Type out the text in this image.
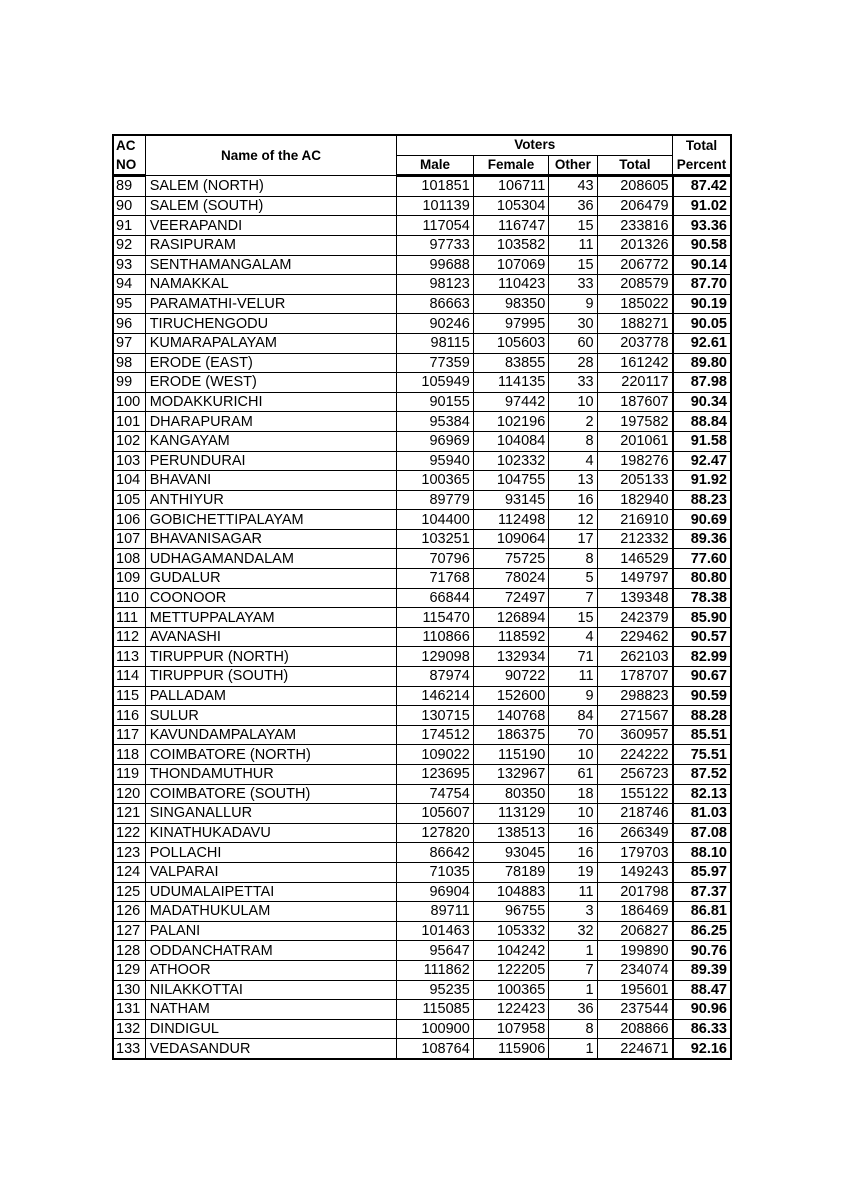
AC	Name of the AC	Voters				Total
NO		Male	Female	Other	Total	Percent
89	SALEM (NORTH)	101851	106711	43	208605	87.42
90	SALEM (SOUTH)	101139	105304	36	206479	91.02
91	VEERAPANDI	117054	116747	15	233816	93.36
92	RASIPURAM	97733	103582	11	201326	90.58
93	SENTHAMANGALAM	99688	107069	15	206772	90.14
94	NAMAKKAL	98123	110423	33	208579	87.70
95	PARAMATHI-VELUR	86663	98350	9	185022	90.19
96	TIRUCHENGODU	90246	97995	30	188271	90.05
97	KUMARAPALAYAM	98115	105603	60	203778	92.61
98	ERODE (EAST)	77359	83855	28	161242	89.80
99	ERODE (WEST)	105949	114135	33	220117	87.98
100	MODAKKURICHI	90155	97442	10	187607	90.34
101	DHARAPURAM	95384	102196	2	197582	88.84
102	KANGAYAM	96969	104084	8	201061	91.58
103	PERUNDURAI	95940	102332	4	198276	92.47
104	BHAVANI	100365	104755	13	205133	91.92
105	ANTHIYUR	89779	93145	16	182940	88.23
106	GOBICHETTIPALAYAM	104400	112498	12	216910	90.69
107	BHAVANISAGAR	103251	109064	17	212332	89.36
108	UDHAGAMANDALAM	70796	75725	8	146529	77.60
109	GUDALUR	71768	78024	5	149797	80.80
110	COONOOR	66844	72497	7	139348	78.38
111	METTUPPALAYAM	115470	126894	15	242379	85.90
112	AVANASHI	110866	118592	4	229462	90.57
113	TIRUPPUR (NORTH)	129098	132934	71	262103	82.99
114	TIRUPPUR (SOUTH)	87974	90722	11	178707	90.67
115	PALLADAM	146214	152600	9	298823	90.59
116	SULUR	130715	140768	84	271567	88.28
117	KAVUNDAMPALAYAM	174512	186375	70	360957	85.51
118	COIMBATORE (NORTH)	109022	115190	10	224222	75.51
119	THONDAMUTHUR	123695	132967	61	256723	87.52
120	COIMBATORE (SOUTH)	74754	80350	18	155122	82.13
121	SINGANALLUR	105607	113129	10	218746	81.03
122	KINATHUKADAVU	127820	138513	16	266349	87.08
123	POLLACHI	86642	93045	16	179703	88.10
124	VALPARAI	71035	78189	19	149243	85.97
125	UDUMALAIPETTAI	96904	104883	11	201798	87.37
126	MADATHUKULAM	89711	96755	3	186469	86.81
127	PALANI	101463	105332	32	206827	86.25
128	ODDANCHATRAM	95647	104242	1	199890	90.76
129	ATHOOR	111862	122205	7	234074	89.39
130	NILAKKOTTAI	95235	100365	1	195601	88.47
131	NATHAM	115085	122423	36	237544	90.96
132	DINDIGUL	100900	107958	8	208866	86.33
133	VEDASANDUR	108764	115906	1	224671	92.16
